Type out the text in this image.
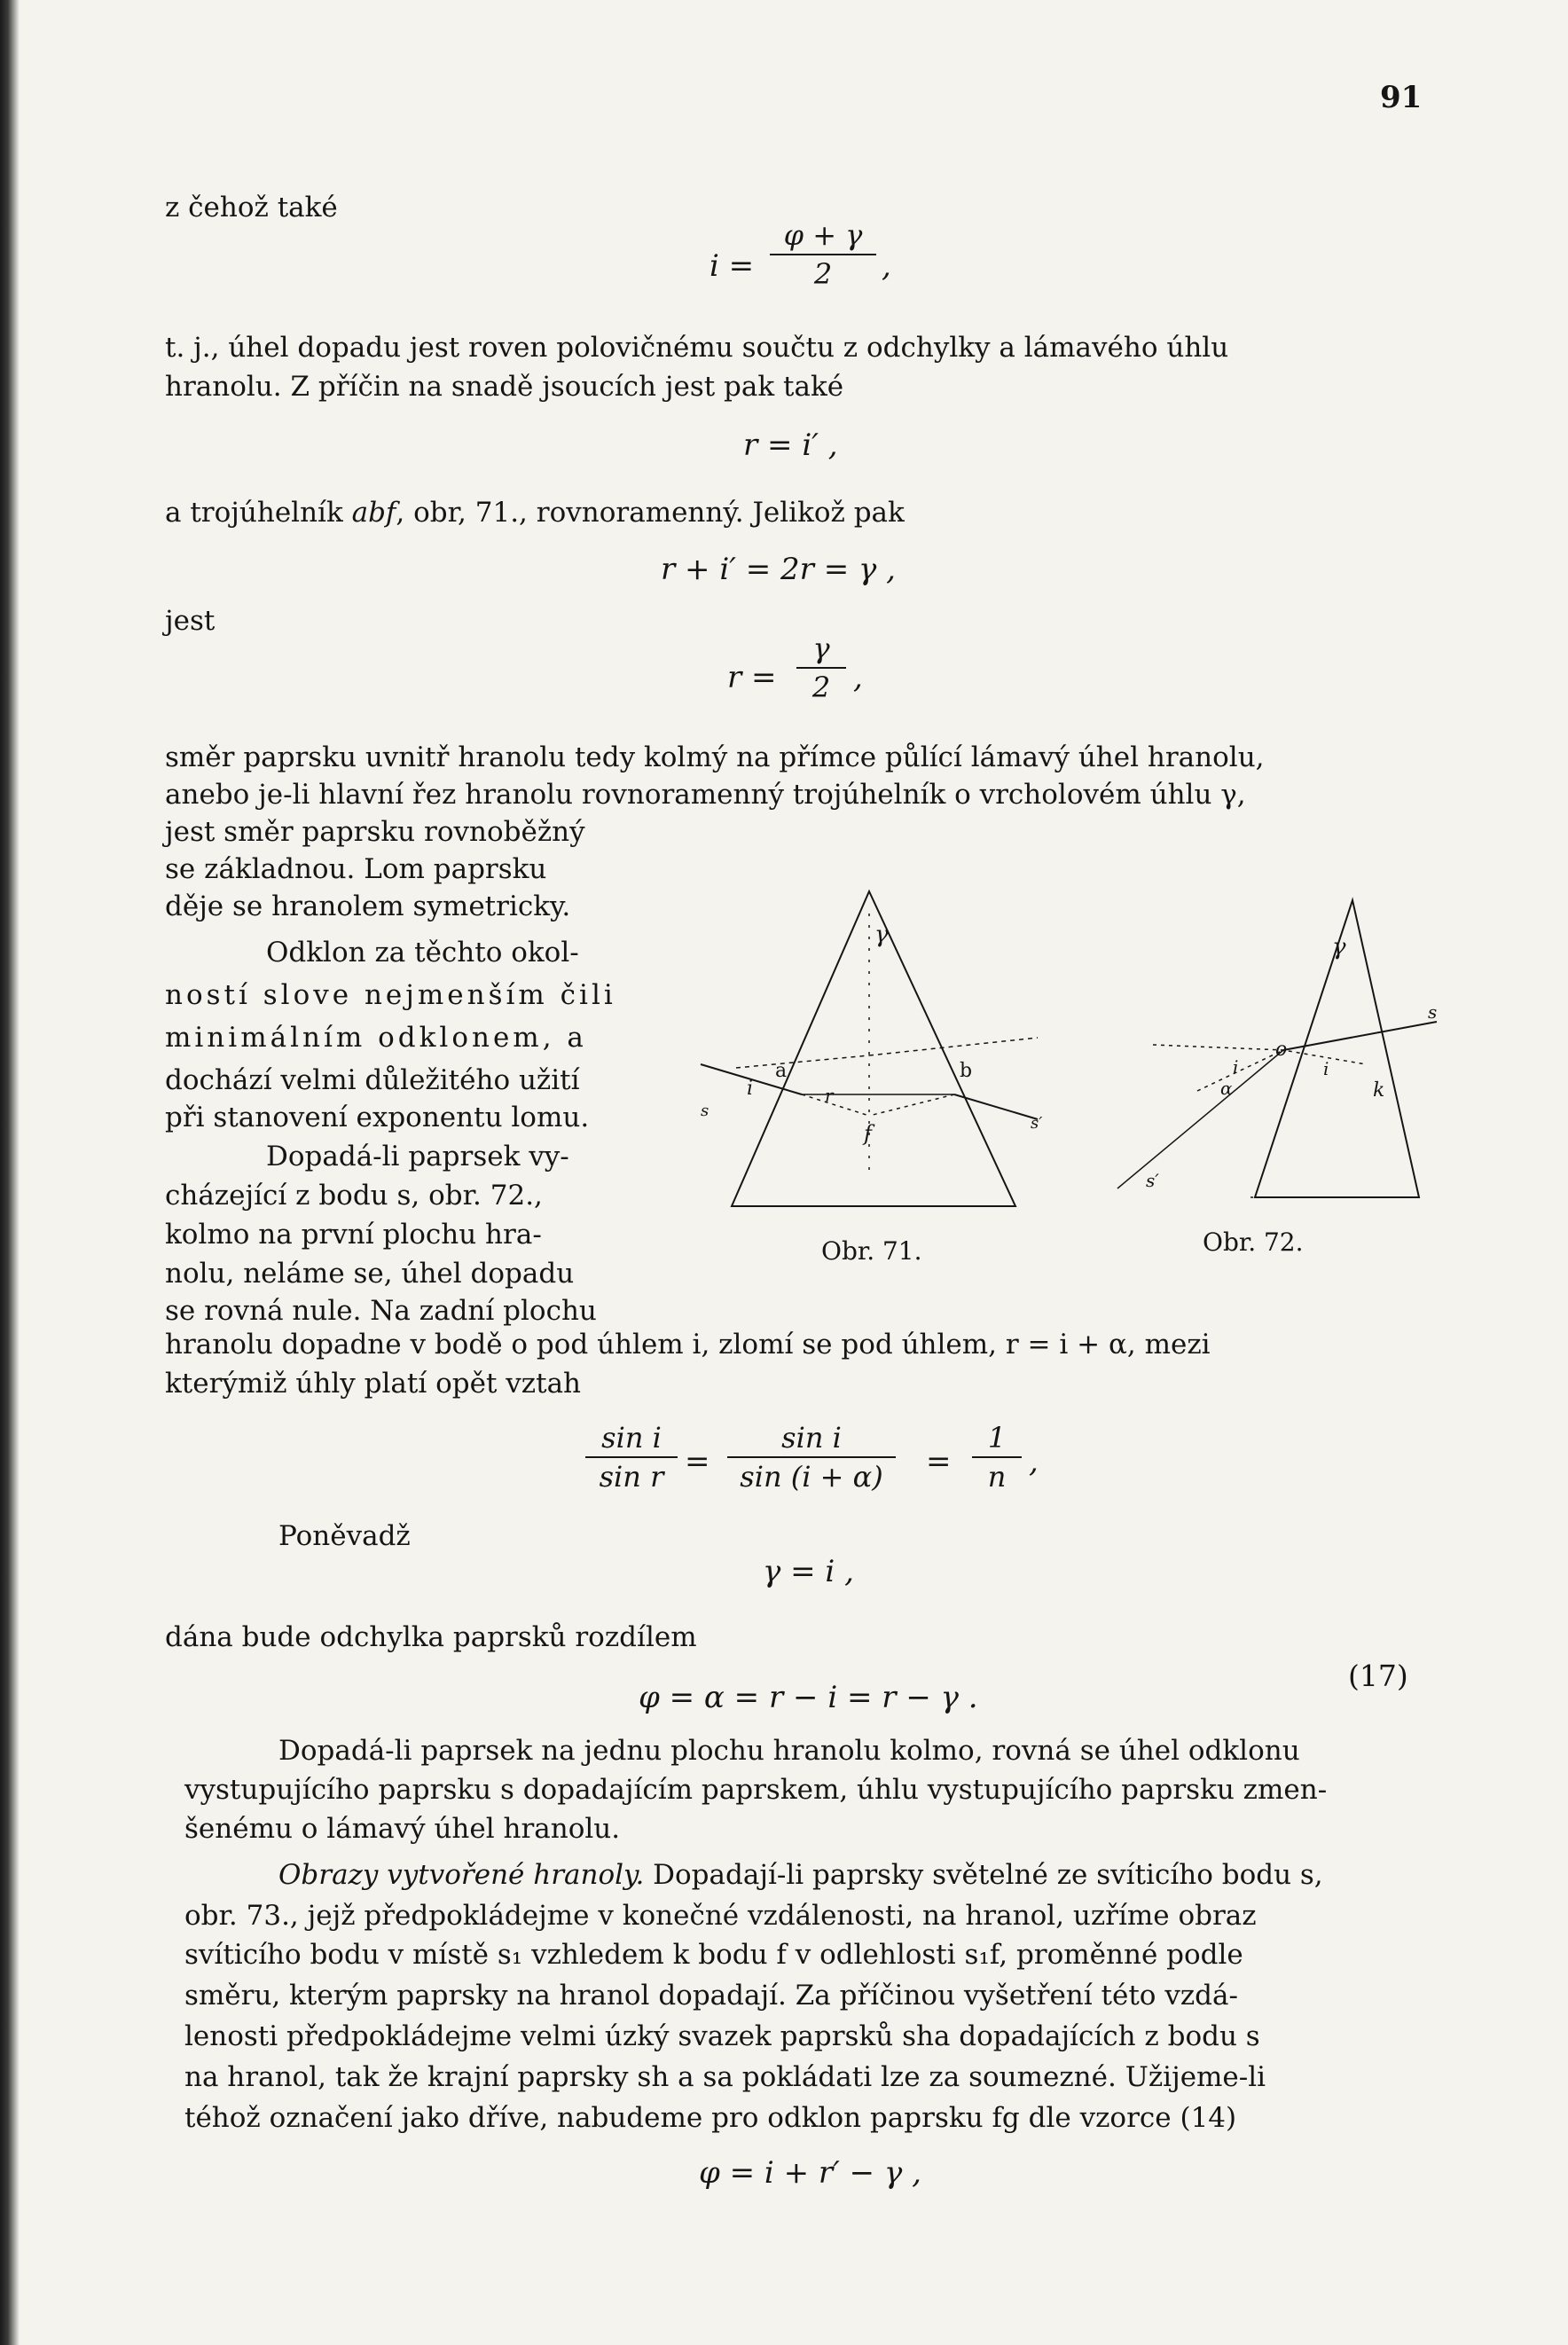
91
z čehož také
i =
φ + γ
2	,
t. j., úhel dopadu jest roven polovičnému součtu z odchylky a lámavého úhlu
hranolu. Z příčin na snadě jsoucích jest pak také
r = i′ ,
a trojúhelník abf, obr, 71., rovnoramenný. Jelikož pak
r + i′ = 2r = γ ,
jest
r =
γ
2 ,
směr paprsku uvnitř hranolu tedy kolmý na přímce půlící lámavý úhel hranolu,
anebo je-li hlavní řez hranolu rovnoramenný trojúhelník o vrcholovém úhlu γ,
jest směr paprsku rovnoběžný
se základnou. Lom paprsku
děje se hranolem symetricky.
Odklon za těchto okol-
ností slove nejmenším čili
minimálním odklonem, a
dochází velmi důležitého užití
při stanovení exponentu lomu.
Dopadá-li paprsek vy-
cházející z bodu s, obr. 72.,
kolmo na první plochu hra-
nolu, neláme se, úhel dopadu
se rovná nule. Na zadní plochu
hranolu dopadne v bodě o pod úhlem i, zlomí se pod úhlem, r = i + α, mezi
kterýmiž úhly platí opět vztah
γ
a	b
i	r
f
s
s′
Obr. 71.
γ
o
i
α
i
k
s
s′
Obr. 72.
sin i
sin r =
sin i
sin (i + α)	=
1
n ,
Poněvadž
γ = i ,
dána bude odchylka paprsků rozdílem
φ = α = r − i = r − γ .
(17)
Dopadá-li paprsek na jednu plochu hranolu kolmo, rovná se úhel odklonu
vystupujícího paprsku s dopadajícím paprskem, úhlu vystupujícího paprsku zmen-
šenému o lámavý úhel hranolu.
Obrazy vytvořené hranoly. Dopadají-li paprsky světelné ze svíticího bodu s,
obr. 73., jejž předpokládejme v konečné vzdálenosti, na hranol, uzříme obraz
svíticího bodu v místě s₁ vzhledem k bodu f v odlehlosti s₁f, proměnné podle
směru, kterým paprsky na hranol dopadají. Za příčinou vyšetření této vzdá-
lenosti předpokládejme velmi úzký svazek paprsků sha dopadajících z bodu s
na hranol, tak že krajní paprsky sh a sa pokládati lze za soumezné. Užijeme-li
téhož označení jako dříve, nabudeme pro odklon paprsku fg dle vzorce (14)
φ = i + r′ − γ ,
